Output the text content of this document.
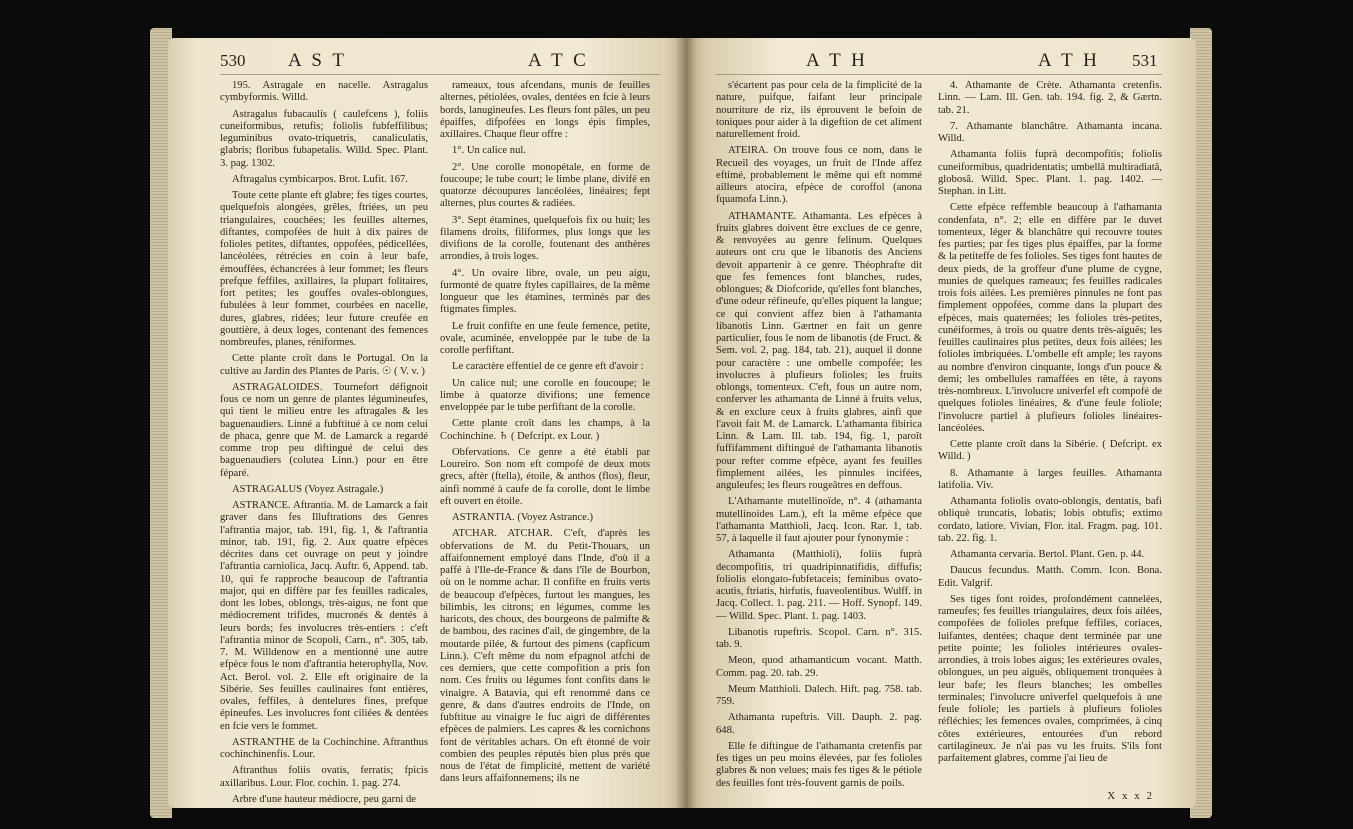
530 A S T	A T C

195. Astragale en nacelle. Astragalus cymbyformis. Willd.

Astragalus fubacaulis ( caulefcens ), foliis cuneiformibus, retufis; foliolis fubfeffilibus; leguminibus ovato-triquetris, canaliculatis, glabris; floribus fubapetalis. Willd. Spec. Plant. 3. pag. 1302.

Aftragalus cymbicarpos. Brot. Lufit. 167.

Toute cette plante eft glabre; fes tiges courtes, quelquefois alongées, grêles, ftriées, un peu triangulaires, couchées; les feuilles alternes, diftantes, compofées de huit à dix paires de folioles petites, diftantes, oppofées, pédicellées, lancéolées, rétrécies en coin à leur bafe, émouffées, échancrées à leur fommet; les fleurs prefque feffiles, axillaires, la plupart folitaires, fort petites; les gouffes ovales-oblongues, fubulées à leur fommet, courbées en nacelle, dures, glabres, ridées; leur future creufée en gouttière, à deux loges, contenant des femences nombreufes, planes, réniformes.

Cette plante croît dans le Portugal. On la cultive au Jardin des Plantes de Paris. ☉ ( V. v. )

ASTRAGALOIDES. Tournefort défignoit fous ce nom un genre de plantes légumineufes, qui tient le milieu entre les aftragales & les baguenaudiers. Linné a fubftitué à ce nom celui de phaca, genre que M. de Lamarck a regardé comme trop peu diftingué de celui des baguenaudiers (colutea Linn.) pour en être féparé.

ASTRAGALUS (Voyez Astragale.)

ASTRANCE. Aftrantia. M. de Lamarck a fait graver dans fes Illuftrations des Genres l'aftrantia major, tab. 191, fig. 1, & l'aftrantia minor, tab. 191, fig. 2. Aux quatre efpèces décrites dans cet ouvrage on peut y joindre l'aftrantia carniolica, Jacq. Auftr. 6, Append. tab. 10, qui fe rapproche beaucoup de l'aftrantia major, qui en diffère par fes feuilles radicales, dont les lobes, oblongs, très-aigus, ne font que médiocrement trifides, mucronés & dentés à leurs bords; fes involucres très-entiers : c'eft l'aftrantia minor de Scopoli, Carn., n°. 305, tab. 7. M. Willdenow en a mentionné une autre efpèce fous le nom d'aftrantia heterophylla, Nov. Act. Berol. vol. 2. Elle eft originaire de la Sibérie. Ses feuilles caulinaires font entières, ovales, feffiles, à dentelures fines, prefque épineufes. Les involucres font ciliées & dentées en fcie vers le fommet.

ASTRANTHE de la Cochinchine. Aftranthus cochinchinenfis. Lour.

Aftranthus foliis ovatis, ferratis; fpicis axillaribus. Lour. Flor. cochin. 1. pag. 274.

Arbre d'une hauteur médiocre, peu garni de

rameaux, tous afcendans, munis de feuilles alternes, pétiolées, ovales, dentées en fcie à leurs bords, lanugineufes. Les fleurs font pâles, un peu épaiffes, difpofées en longs épis fimples, axillaires. Chaque fleur offre :

1°. Un calice nul.

2°. Une corolle monopétale, en forme de foucoupe; le tube court; le limbe plane, divifé en quatorze découpures lancéolées, linéaires; fept alternes, plus courtes & radiées.

3°. Sept étamines, quelquefois fix ou huit; les filamens droits, filiformes, plus longs que les divifions de la corolle, foutenant des anthères arrondies, à trois loges.

4°. Un ovaire libre, ovale, un peu aigu, furmonté de quatre ftyles capillaires, de la même longueur que les étamines, terminés par des ftigmates fimples.

Le fruit confifte en une feule femence, petite, ovale, acuminée, enveloppée par le tube de la corolle perfiftant.

Le caractère effentiel de ce genre eft d'avoir :

Un calice nul; une corolle en foucoupe; le limbe à quatorze divifions; une femence enveloppée par le tube perfiftant de la corolle.

Cette plante croît dans les champs, à la Cochinchine. ♄ ( Defcript. ex Lour. )

Obfervations. Ce genre a été établi par Loureiro. Son nom eft compofé de deux mots grecs, aftèr (ftella), étoile, & anthos (flos), fleur, ainfi nommé à caufe de fa corolle, dont le limbe eft ouvert en étoile.

ASTRANTIA. (Voyez Astrance.)

ATCHAR. ATCHAR. C'eft, d'après les obfervations de M. du Petit-Thouars, un affaifonnement employé dans l'Inde, d'où il a paffé à l'Ile-de-France & dans l'île de Bourbon, où on le nomme achar. Il confifte en fruits verts de beaucoup d'efpèces, furtout les mangues, les bilimbis, les citrons; en légumes, comme les haricots, des choux, des bourgeons de palmifte & de bambou, des racines d'ail, de gingembre, de la moutarde pilée, & furtout des pimens (capficum Linn.). C'eft même du nom efpagnol atfchi de ces derniers, que cette compofition a pris fon nom. Ces fruits ou légumes font confits dans le vinaigre. A Batavia, qui eft renommé dans ce genre, & dans d'autres endroits de l'Inde, on fubftitue au vinaigre le fuc aigri de différentes efpèces de palmiers. Les capres & les cornichons font de véritables achars. On eft étonné de voir combien des peuples réputés bien plus près que nous de l'état de fimplicité, mettent de variété dans leurs affaifonnemens; ils ne

A T H	A T H 531

s'écartent pas pour cela de la fimplicité de la nature, puifque, faifant leur principale nourriture de riz, ils éprouvent le befoin de toniques pour aider à la digeftion de cet aliment naturellement froid.

ATEIRA. On trouve fous ce nom, dans le Recueil des voyages, un fruit de l'Inde affez eftimé, probablement le même qui eft nommé ailleurs atocira, efpèce de coroffol (anona fquamofa Linn.).

ATHAMANTE. Athamanta. Les efpèces à fruits glabres doivent être exclues de ce genre, & renvoyées au genre felinum. Quelques auteurs ont cru que le libanotis des Anciens devoit appartenir à ce genre. Théophrafte dit que fes femences font blanches, rudes, oblongues; & Diofcoride, qu'elles font blanches, d'une odeur réfineufe, qu'elles piquent la langue; ce qui convient affez bien à l'athamanta libanotis Linn. Gærtner en fait un genre particulier, fous le nom de libanotis (de Fruct. & Sem. vol. 2, pag. 184, tab. 21), auquel il donne pour caractère : une ombelle compofée; les involucres à plufieurs folioles; les fruits oblongs, tomenteux. C'eft, fous un autre nom, conferver les athamanta de Linné à fruits velus, & en exclure ceux à fruits glabres, ainfi que l'avoit fait M. de Lamarck. L'athamanta fibirica Linn. & Lam. Ill. tab. 194, fig. 1, paroît fuffifamment diftingué de l'athamanta libanotis pour refter comme efpèce, ayant fes feuilles fimplement ailées, les pinnules incifées, anguleufes; les fleurs rougeâtres en deffous.

L'Athamante mutellinoïde, n°. 4 (athamanta mutellinoides Lam.), eft la même efpèce que l'athamanta Matthioli, Jacq. Icon. Rar. 1, tab. 57, à laquelle il faut ajouter pour fynonymie :

Athamanta (Matthioli), foliis fuprà decompofitis, tri quadripinnatifidis, diffufis; foliolis elongato-fubfetaceis; feminibus ovato-acutis, ftriatis, hirfutis, fuaveolentibus. Wulff. in Jacq. Collect. 1. pag. 211. — Hoff. Synopf. 149. — Willd. Spec. Plant. 1. pag. 1403.

Libanotis rupeftris. Scopol. Carn. n°. 315. tab. 9.

Meon, quod athamanticum vocant. Matth. Comm. pag. 20. tab. 29.

Meum Matthioli. Dalech. Hift. pag. 758. tab. 759.

Athamanta rupeftris. Vill. Dauph. 2. pag. 648.

Elle fe diftingue de l'athamanta cretenfis par fes tiges un peu moins élevées, par fes folioles glabres & non velues; mais fes tiges & le pétiole des feuilles font très-fouvent garnis de poils.

4. Athamante de Crète. Athamanta cretenfis. Linn. — Lam. Ill. Gen. tab. 194. fig. 2, & Gærtn. tab. 21.

7. Athamante blanchâtre. Athamanta incana. Willd.

Athamanta foliis fuprà decompofitis; foliolis cuneiformibus, quadridentatis; umbellâ multiradiatâ, globosâ. Willd. Spec. Plant. 1. pag. 1402. — Stephan. in Litt.

Cette efpèce reffemble beaucoup à l'athamanta condenfata, n°. 2; elle en diffère par le duvet tomenteux, léger & blanchâtre qui recouvre toutes fes parties; par fes tiges plus épaiffes, par la forme & la petiteffe de fes folioles. Ses tiges font hautes de deux pieds, de la groffeur d'une plume de cygne, munies de quelques rameaux; fes feuilles radicales trois fois ailées. Les premières pinnules ne font pas fimplement oppofées, comme dans la plupart des efpèces, mais quaternées; les folioles très-petites, cunéiformes, à trois ou quatre dents très-aiguës; les feuilles caulinaires plus petites, deux fois ailées; les folioles imbriquées. L'ombelle eft ample; les rayons au nombre d'environ cinquante, longs d'un pouce & demi; les ombellules ramaffées en tête, à rayons très-nombreux. L'involucre univerfel eft compofé de quelques folioles linéaires, & d'une feule foliole; l'involucre partiel à plufieurs folioles linéaires-lancéolées.

Cette plante croît dans la Sibérie. ( Defcript. ex Willd. )

8. Athamante à larges feuilles. Athamanta latifolia. Viv.

Athamanta foliolis ovato-oblongis, dentatis, bafi obliquè truncatis, lobatis; lobis obtufis; extimo cordato, latiore. Vivian, Flor. ital. Fragm. pag. 101. tab. 22. fig. 1.

Athamanta cervaria. Bertol. Plant. Gen. p. 44.

Daucus fecundus. Matth. Comm. Icon. Bona. Edit. Valgrif.

Ses tiges font roides, profondément cannelées, rameufes; fes feuilles triangulaires, deux fois ailées, compofées de folioles prefque feffiles, coriaces, luifantes, dentées; chaque dent terminée par une petite pointe; les folioles intérieures ovales-arrondies, à trois lobes aigus; les extérieures ovales, oblongues, un peu aiguës, obliquement tronquées à leur bafe; les fleurs blanches; les ombelles terminales; l'involucre univerfel quelquefois à une feule foliole; les partiels à plufieurs folioles réfléchies; les femences ovales, comprimées, à cinq côtes extérieures, entourées d'un rebord cartilagineux. Je n'ai pas vu les fruits. S'ils font parfaitement glabres, comme j'ai lieu de

X x x 2
